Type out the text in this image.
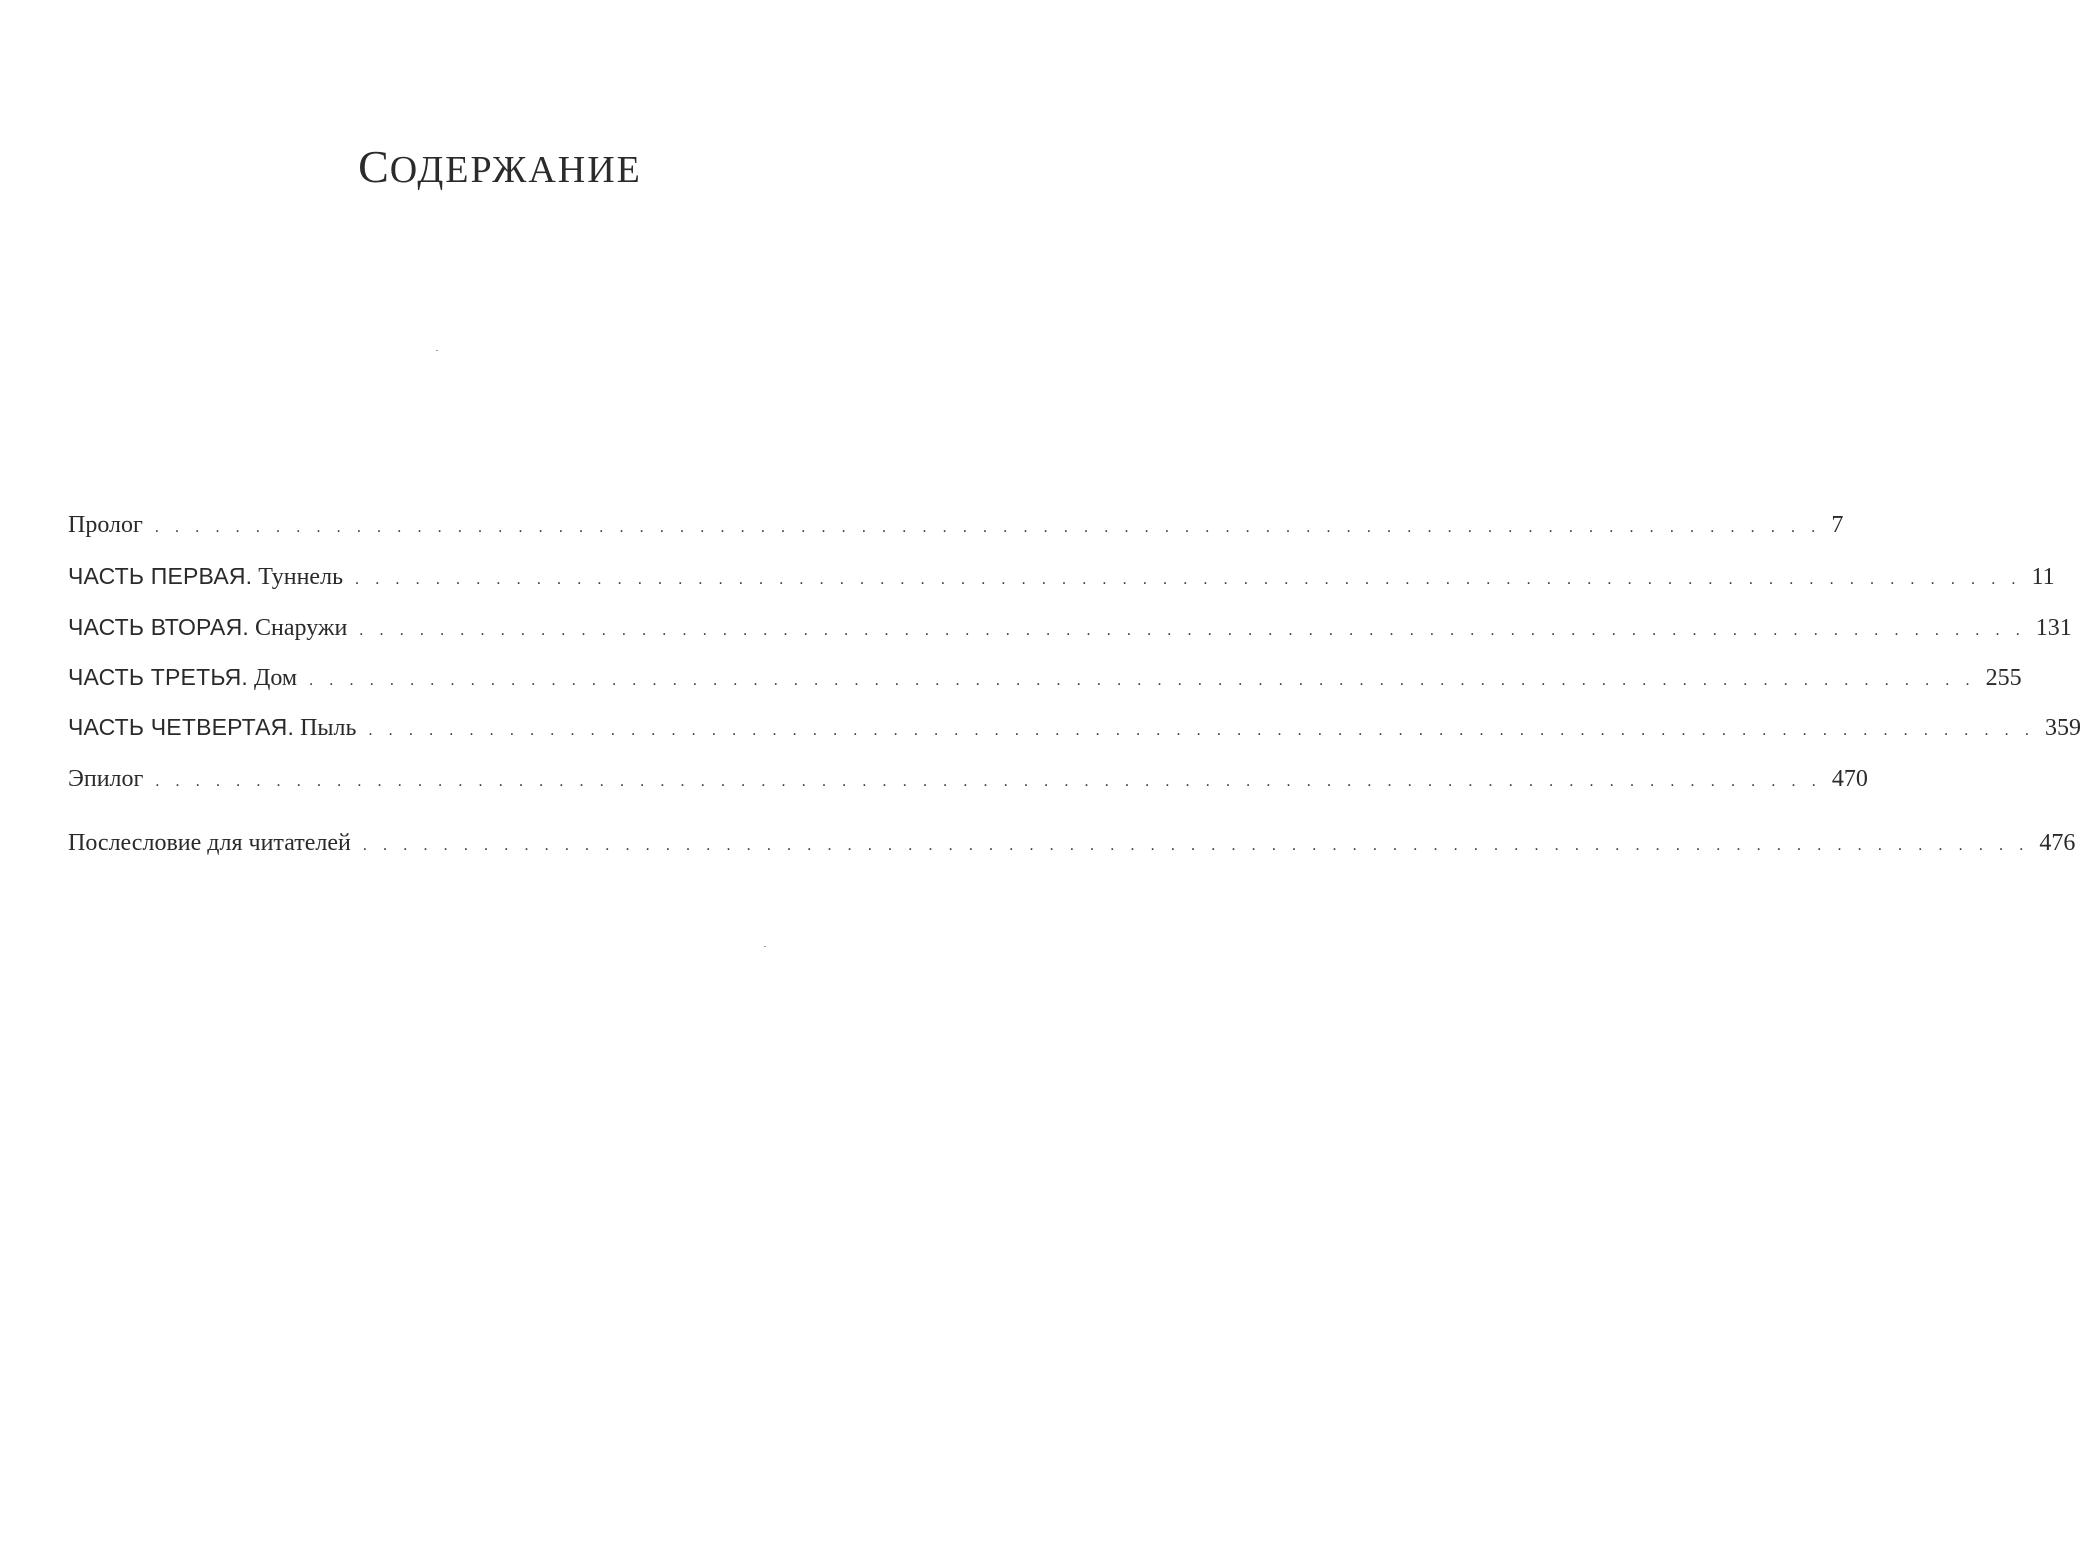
СОДЕРЖАНИЕ
Пролог . . . . . . . . . . . . . . . . . . . . . . . . . . . . . . . . . . . . . . . . . . . . . . . . . . . . . . . . . . . . . . . . . . . . . . . . . . . . . . . . . . . 7
ЧАСТЬ ПЕРВАЯ. Туннель . . . . . . . . . . . . . . . . . . . . . . . . . . . . . . . . . . . . . . . . . . . . . . . . . . . . . . . . . . . . . . . . . . . . . . . . . . . . . . . . . . . 11
ЧАСТЬ ВТОРАЯ. Снаружи . . . . . . . . . . . . . . . . . . . . . . . . . . . . . . . . . . . . . . . . . . . . . . . . . . . . . . . . . . . . . . . . . . . . . . . . . . . . . . . . . . . 131
ЧАСТЬ ТРЕТЬЯ. Дом . . . . . . . . . . . . . . . . . . . . . . . . . . . . . . . . . . . . . . . . . . . . . . . . . . . . . . . . . . . . . . . . . . . . . . . . . . . . . . . . . . . 255
ЧАСТЬ ЧЕТВЕРТАЯ. Пыль . . . . . . . . . . . . . . . . . . . . . . . . . . . . . . . . . . . . . . . . . . . . . . . . . . . . . . . . . . . . . . . . . . . . . . . . . . . . . . . . . . . 359
Эпилог . . . . . . . . . . . . . . . . . . . . . . . . . . . . . . . . . . . . . . . . . . . . . . . . . . . . . . . . . . . . . . . . . . . . . . . . . . . . . . . . . . . 470
Послесловие для читателей . . . . . . . . . . . . . . . . . . . . . . . . . . . . . . . . . . . . . . . . . . . . . . . . . . . . . . . . . . . . . . . . . . . . . . . . . . . . . . . . . . . 476
